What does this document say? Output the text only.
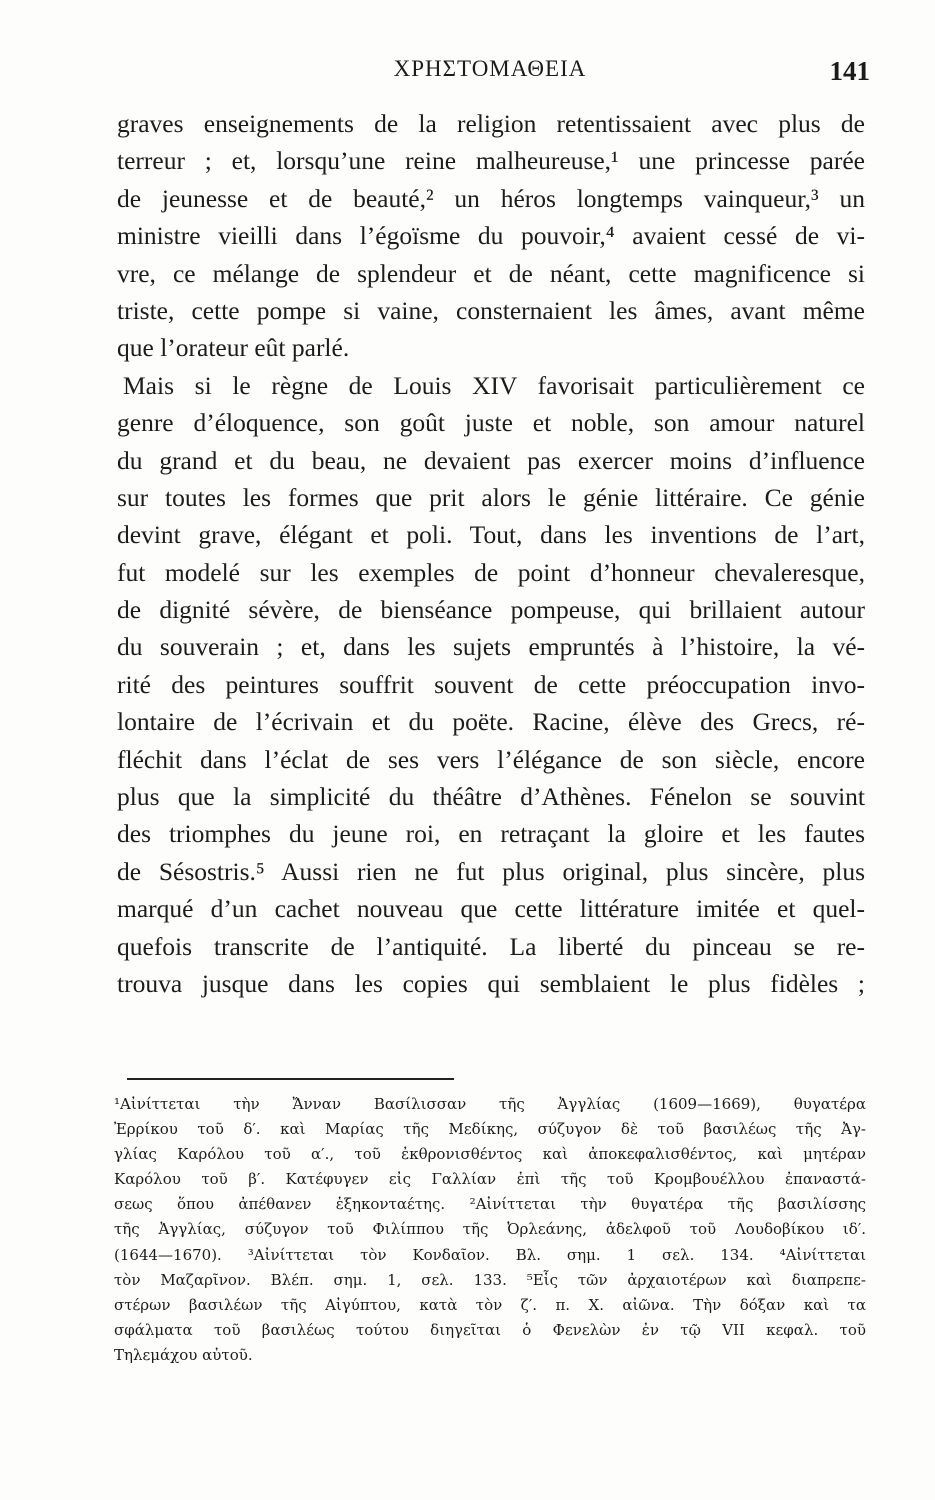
ΧΡΗΣΤΟΜΑΘΕΙΑ	141
graves enseignements de la religion retentissaient avec plus de
terreur ; et, lorsqu’une reine malheureuse,¹ une princesse parée
de jeunesse et de beauté,² un héros longtemps vainqueur,³ un
ministre vieilli dans l’égoïsme du pouvoir,⁴ avaient cessé de vi-
vre, ce mélange de splendeur et de néant, cette magnificence si
triste, cette pompe si vaine, consternaient les âmes, avant même
que l’orateur eût parlé.
Mais si le règne de Louis XIV favorisait particulièrement ce
genre d’éloquence, son goût juste et noble, son amour naturel
du grand et du beau, ne devaient pas exercer moins d’influence
sur toutes les formes que prit alors le génie littéraire. Ce génie
devint grave, élégant et poli. Tout, dans les inventions de l’art,
fut modelé sur les exemples de point d’honneur chevaleresque,
de dignité sévère, de bienséance pompeuse, qui brillaient autour
du souverain ; et, dans les sujets empruntés à l’histoire, la vé-
rité des peintures souffrit souvent de cette préoccupation invo-
lontaire de l’écrivain et du poëte. Racine, élève des Grecs, ré-
fléchit dans l’éclat de ses vers l’élégance de son siècle, encore
plus que la simplicité du théâtre d’Athènes. Fénelon se souvint
des triomphes du jeune roi, en retraçant la gloire et les fautes
de Sésostris.⁵ Aussi rien ne fut plus original, plus sincère, plus
marqué d’un cachet nouveau que cette littérature imitée et quel-
quefois transcrite de l’antiquité. La liberté du pinceau se re-
trouva jusque dans les copies qui semblaient le plus fidèles ;
¹Αἰνίττεται τὴν Ἄνναν Βασίλισσαν τῆς Ἀγγλίας (1609—1669), θυγατέρα
Ἐρρίκου τοῦ δ′. καὶ Μαρίας τῆς Μεδίκης, σύζυγον δὲ τοῦ βασιλέως τῆς Ἀγ-
γλίας Καρόλου τοῦ α′., τοῦ ἐκθρονισθέντος καὶ ἀποκεφαλισθέντος, καὶ μητέραν
Καρόλου τοῦ β′. Κατέφυγεν εἰς Γαλλίαν ἐπὶ τῆς τοῦ Κρομβουέλλου ἐπαναστά-
σεως ὅπου ἀπέθανεν ἑξηκονταέτης. ²Αἰνίττεται τὴν θυγατέρα τῆς βασιλίσσης
τῆς Ἀγγλίας, σύζυγον τοῦ Φιλίππου τῆς Ὀρλεάνης, ἀδελφοῦ τοῦ Λουδοβίκου ιδ′.
(1644—1670). ³Αἰνίττεται τὸν Κονδαῖον. Βλ. σημ. 1 σελ. 134. ⁴Αἰνίττεται
τὸν Μαζαρῖνον. Βλέπ. σημ. 1, σελ. 133. ⁵Εἷς τῶν ἀρχαιοτέρων καὶ διαπρεπε-
στέρων βασιλέων τῆς Αἰγύπτου, κατὰ τὸν ζ′. π. Χ. αἰῶνα. Τὴν δόξαν καὶ τα
σφάλματα τοῦ βασιλέως τούτου διηγεῖται ὁ Φενελὼν ἐν τῷ VII κεφαλ. τοῦ
Τηλεμάχου αὐτοῦ.
